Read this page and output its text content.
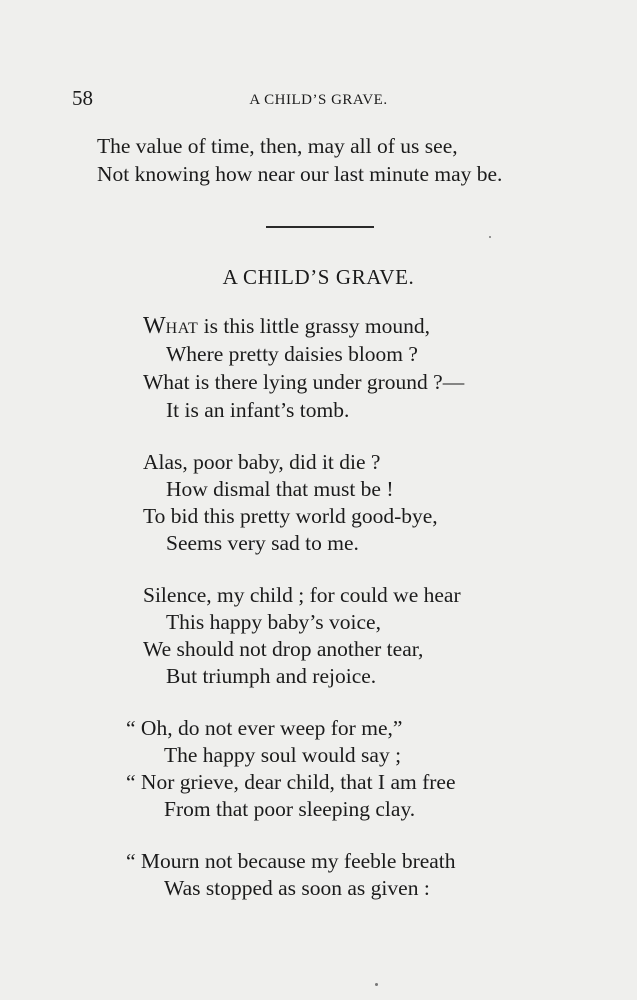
58	A CHILD’S GRAVE.
The value of time, then, may all of us see,
Not knowing how near our last minute may be.
A CHILD’S GRAVE.
WHAT is this little grassy mound,
Where pretty daisies bloom ?
What is there lying under ground ?—
It is an infant’s tomb.
Alas, poor baby, did it die ?
How dismal that must be !
To bid this pretty world good-bye,
Seems very sad to me.
Silence, my child ; for could we hear
This happy baby’s voice,
We should not drop another tear,
But triumph and rejoice.
“ Oh, do not ever weep for me,”
The happy soul would say ;
“ Nor grieve, dear child, that I am free
From that poor sleeping clay.
“ Mourn not because my feeble breath
Was stopped as soon as given :
